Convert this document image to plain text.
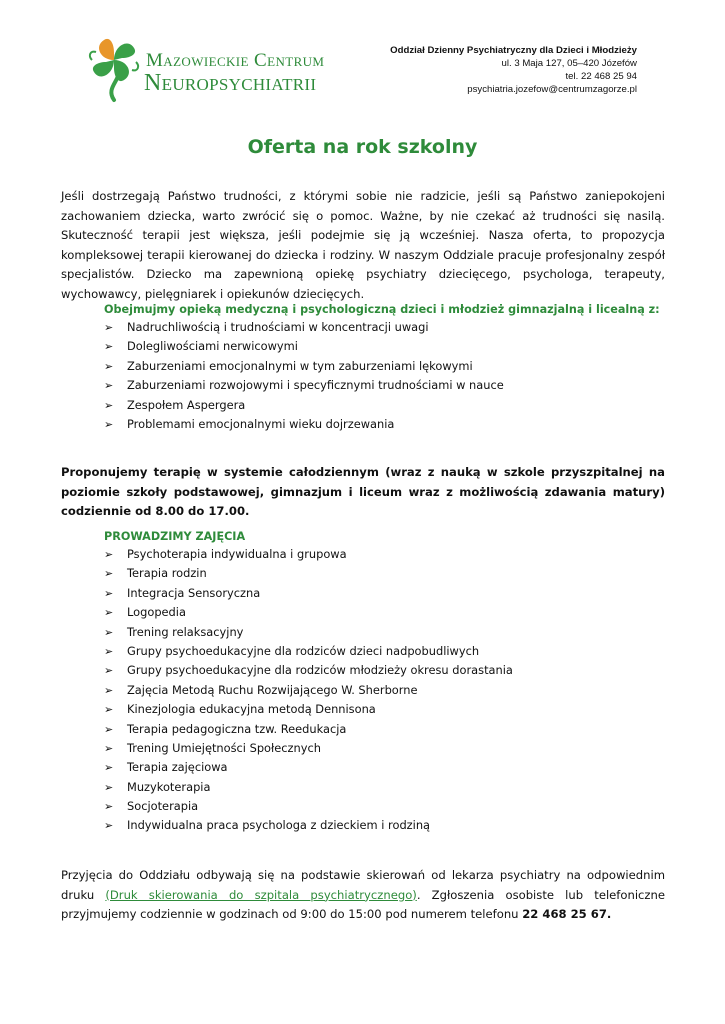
Mazowieckie Centrum
Neuropsychiatrii
Oddział Dzienny Psychiatryczny dla Dzieci i Młodzieży
ul. 3 Maja 127, 05–420 Józefów
tel. 22 468 25 94
psychiatria.jozefow@centrumzagorze.pl
Oferta na rok szkolny
Jeśli dostrzegają Państwo trudności, z którymi sobie nie radzicie, jeśli są Państwo zaniepokojeni zachowaniem dziecka, warto zwrócić się o pomoc. Ważne, by nie czekać aż trudności się nasilą. Skuteczność terapii jest większa, jeśli podejmie się ją wcześniej. Nasza oferta, to propozycja kompleksowej terapii kierowanej do dziecka i rodziny. W naszym Oddziale pracuje profesjonalny zespół specjalistów. Dziecko ma zapewnioną opiekę psychiatry dziecięcego, psychologa, terapeuty, wychowawcy, pielęgniarek i opiekunów dziecięcych.
Obejmujmy opieką medyczną i psychologiczną dzieci i młodzież gimnazjalną i licealną z:
➢ Nadruchliwością i trudnościami w koncentracji uwagi
➢ Dolegliwościami nerwicowymi
➢ Zaburzeniami emocjonalnymi w tym zaburzeniami lękowymi
➢ Zaburzeniami rozwojowymi i specyficznymi trudnościami w nauce
➢ Zespołem Aspergera
➢ Problemami emocjonalnymi wieku dojrzewania
Proponujemy terapię w systemie całodziennym (wraz z nauką w szkole przyszpitalnej na poziomie szkoły podstawowej, gimnazjum i liceum wraz z możliwością zdawania matury) codziennie od 8.00 do 17.00.
PROWADZIMY ZAJĘCIA
➢ Psychoterapia indywidualna i grupowa
➢ Terapia rodzin
➢ Integracja Sensoryczna
➢ Logopedia
➢ Trening relaksacyjny
➢ Grupy psychoedukacyjne dla rodziców dzieci nadpobudliwych
➢ Grupy psychoedukacyjne dla rodziców młodzieży okresu dorastania
➢ Zajęcia Metodą Ruchu Rozwijającego W. Sherborne
➢ Kinezjologia edukacyjna metodą Dennisona
➢ Terapia pedagogiczna tzw. Reedukacja
➢ Trening Umiejętności Społecznych
➢ Terapia zajęciowa
➢ Muzykoterapia
➢ Socjoterapia
➢ Indywidualna praca psychologa z dzieckiem i rodziną
Przyjęcia do Oddziału odbywają się na podstawie skierowań od lekarza psychiatry na odpowiednim druku (Druk skierowania do szpitala psychiatrycznego). Zgłoszenia osobiste lub telefoniczne przyjmujemy codziennie w godzinach od 9:00 do 15:00 pod numerem telefonu 22 468 25 67.
